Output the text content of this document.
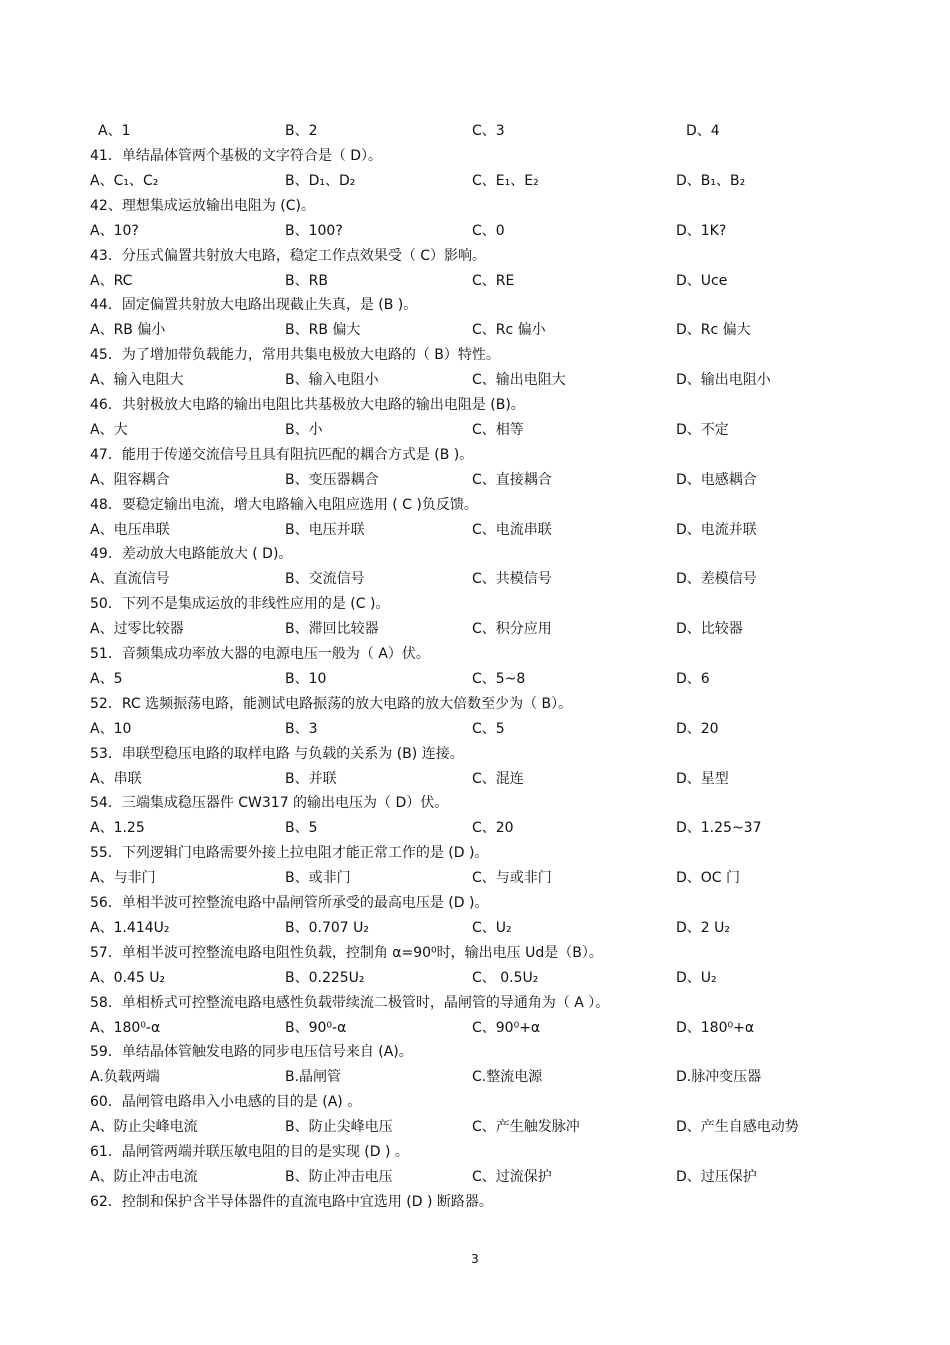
A、1	B、2	C、3	D、4
41．单结晶体管两个基极的文字符合是（ D）。
A、C₁、C₂	B、D₁、D₂	C、E₁、E₂	D、B₁、B₂
42、理想集成运放输出电阻为 (C)。
A、10?	B、100?	C、0	D、1K?
43．分压式偏置共射放大电路，稳定工作点效果受（ C）影响。
A、RC	B、RB	C、RE	D、Uce
44．固定偏置共射放大电路出现截止失真，是 (B )。
A、RB 偏小	B、RB 偏大	C、Rc 偏小	D、Rc 偏大
45．为了增加带负载能力，常用共集电极放大电路的（ B）特性。
A、输入电阻大	B、输入电阻小	C、输出电阻大	D、输出电阻小
46．共射极放大电路的输出电阻比共基极放大电路的输出电阻是 (B)。
A、大	B、小	C、相等	D、不定
47．能用于传递交流信号且具有阻抗匹配的耦合方式是 (B )。
A、阻容耦合	B、变压器耦合	C、直接耦合	D、电感耦合
48．要稳定输出电流，增大电路输入电阻应选用 ( C )负反馈。
A、电压串联	B、电压并联	C、电流串联	D、电流并联
49．差动放大电路能放大 ( D)。
A、直流信号	B、交流信号	C、共模信号	D、差模信号
50．下列不是集成运放的非线性应用的是 (C )。
A、过零比较器	B、滞回比较器	C、积分应用	D、比较器
51．音频集成功率放大器的电源电压一般为（ A）伏。
A、5	B、10	C、5~8	D、6
52．RC 选频振荡电路，能测试电路振荡的放大电路的放大倍数至少为（ B）。
A、10	B、3	C、5	D、20
53．串联型稳压电路的取样电路 与负载的关系为 (B) 连接。
A、串联	B、并联	C、混连	D、星型
54．三端集成稳压器件 CW317 的输出电压为（ D）伏。
A、1.25	B、5	C、20	D、1.25~37
55．下列逻辑门电路需要外接上拉电阻才能正常工作的是 (D )。
A、与非门	B、或非门	C、与或非门	D、OC 门
56．单相半波可控整流电路中晶闸管所承受的最高电压是 (D )。
A、1.414U₂	B、0.707 U₂	C、U₂	D、2 U₂
57．单相半波可控整流电路电阻性负载，控制角 α=90⁰时，输出电压 Ud是（B）。
A、0.45 U₂	B、0.225U₂	C、 0.5U₂	D、U₂
58．单相桥式可控整流电路电感性负载带续流二极管时，晶闸管的导通角为（ A ）。
A、180⁰-α	B、90⁰-α	C、90⁰+α	D、180⁰+α
59．单结晶体管触发电路的同步电压信号来自 (A)。
A.负载两端	B.晶闸管	C.整流电源	D.脉冲变压器
60．晶闸管电路串入小电感的目的是 (A) 。
A、防止尖峰电流	B、防止尖峰电压	C、产生触发脉冲	D、产生自感电动势
61．晶闸管两端并联压敏电阻的目的是实现 (D ) 。
A、防止冲击电流	B、防止冲击电压	C、过流保护	D、过压保护
62．控制和保护含半导体器件的直流电路中宜选用 (D ) 断路器。
3
